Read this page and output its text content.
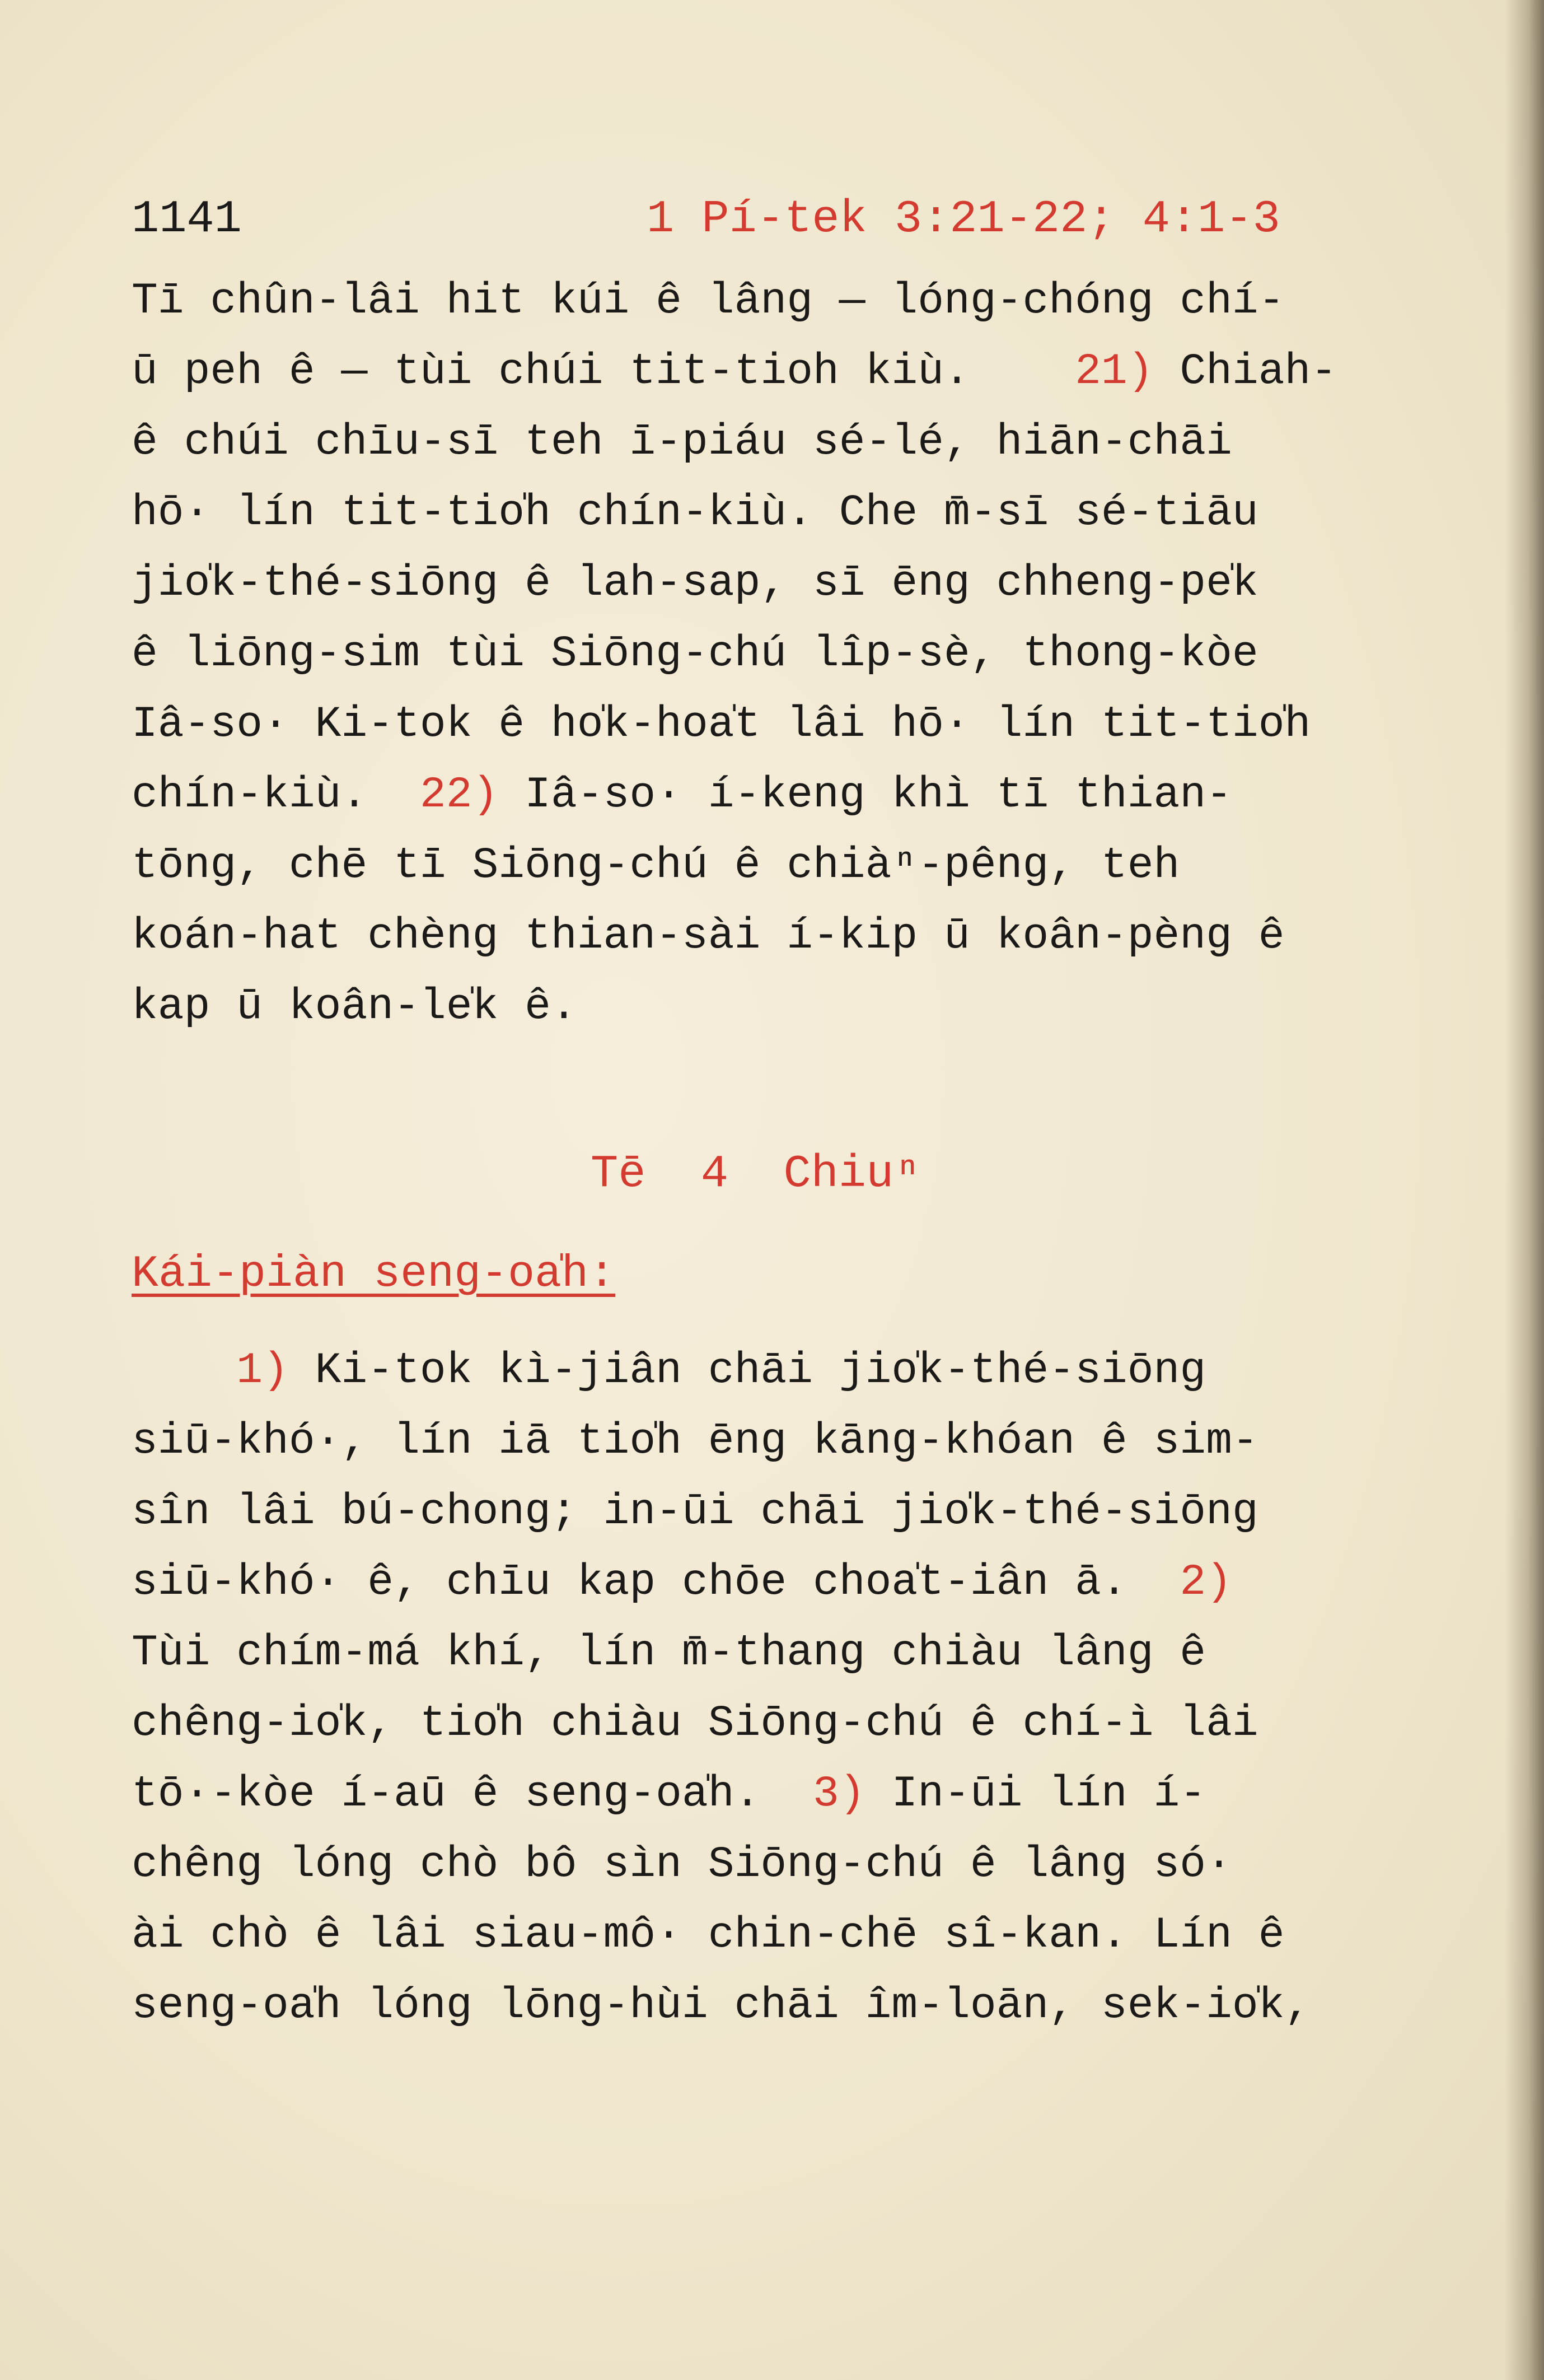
1141	1 Pí-tek 3:21-22; 4:1-3
Tī chûn-lâi hit kúi ê lâng — lóng-chóng chí-
ū peh ê — tùi chúi tit-tioh kiù. 21) Chiah-
ê chúi chīu-sī teh ī-piáu sé-lé, hiān-chāi
hō· lín tit-tio̍h chín-kiù. Che m̄-sī sé-tiāu
jio̍k-thé-siōng ê lah-sap, sī ēng chheng-pe̍k
ê liōng-sim tùi Siōng-chú lîp-sè, thong-kòe
Iâ-so· Ki-tok ê ho̍k-hoa̍t lâi hō· lín tit-tio̍h
chín-kiù. 22) Iâ-so· í-keng khì tī thian-
tōng, chē tī Siōng-chú ê chiàⁿ-pêng, teh
koán-hat chèng thian-sài í-kip ū koân-pèng ê
kap ū koân-le̍k ê.
Tē  4  Chiuⁿ
Kái-piàn seng-oa̍h:
1) Ki-tok kì-jiân chāi jio̍k-thé-siōng
siū-khó·, lín iā tio̍h ēng kāng-khóan ê sim-
sîn lâi bú-chong; in-ūi chāi jio̍k-thé-siōng
siū-khó· ê, chīu kap chōe choa̍t-iân ā. 2)
Tùi chím-má khí, lín m̄-thang chiàu lâng ê
chêng-io̍k, tio̍h chiàu Siōng-chú ê chí-ì lâi
tō·-kòe í-aū ê seng-oa̍h. 3) In-ūi lín í-
chêng lóng chò bô sìn Siōng-chú ê lâng só·
ài chò ê lâi siau-mô· chin-chē sî-kan. Lín ê
seng-oa̍h lóng lōng-hùi chāi îm-loān, sek-io̍k,
